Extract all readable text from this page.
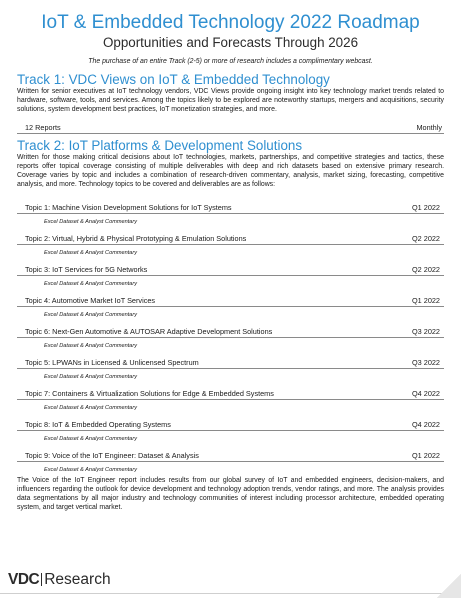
IoT & Embedded Technology 2022 Roadmap
Opportunities and Forecasts Through 2026
The purchase of an entire Track (2-5) or more of research includes a complimentary webcast.
Track 1: VDC Views on IoT & Embedded Technology

Written for senior executives at IoT technology vendors, VDC Views provide ongoing insight into key technology market trends related to hardware, software, tools, and services. Among the topics likely to be explored are noteworthy startups, mergers and acquisitions, security solutions, system development best practices, IoT monetization strategies, and more.

12 Reports	Monthly
Track 2: IoT Platforms & Development Solutions

Written for those making critical decisions about IoT technologies, markets, partnerships, and competitive strategies and tactics, these reports offer topical coverage consisting of multiple deliverables with deep and rich datasets based on extensive primary research. Coverage varies by topic and includes a combination of research-driven commentary, analysis, market sizing, forecasting, competitive analysis, and more. Technology topics to be covered and deliverables are as follows:

Topic 1: Machine Vision Development Solutions for IoT Systems	Q1 2022
Excel Dataset & Analyst Commentary
Topic 2: Virtual, Hybrid & Physical Prototyping & Emulation Solutions	Q2 2022
Excel Dataset & Analyst Commentary
Topic 3: IoT Services for 5G Networks	Q2 2022
Excel Dataset & Analyst Commentary
Topic 4: Automotive Market IoT Services	Q1 2022
Excel Dataset & Analyst Commentary
Topic 6: Next-Gen Automotive & AUTOSAR Adaptive Development Solutions	Q3 2022
Excel Dataset & Analyst Commentary
Topic 5: LPWANs in Licensed & Unlicensed Spectrum	Q3 2022
Excel Dataset & Analyst Commentary
Topic 7: Containers & Virtualization Solutions for Edge & Embedded Systems	Q4 2022
Excel Dataset & Analyst Commentary
Topic 8: IoT & Embedded Operating Systems	Q4 2022
Excel Dataset & Analyst Commentary
Topic 9: Voice of the IoT Engineer: Dataset & Analysis	Q1 2022
Excel Dataset & Analyst Commentary

The Voice of the IoT Engineer report includes results from our global survey of IoT and embedded engineers, decision-makers, and influencers regarding the outlook for device development and technology adoption trends, vendor ratings, and more. The analysis provides data segmentations by all major industry and technology communities of interest including processor architecture, embedded operating system, and target vertical market.

VDC Research
